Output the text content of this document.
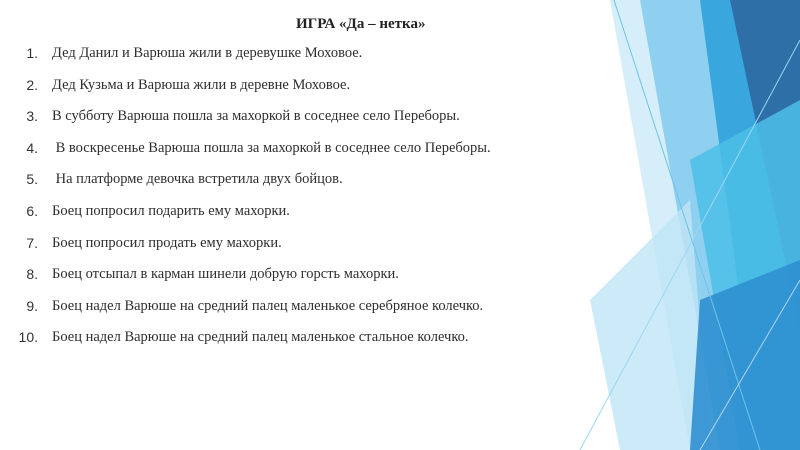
ИГРА «Да – нетка»
1. Дед Данил и Варюша жили в деревушке Моховое.
2. Дед Кузьма и Варюша жили в деревне Моховое.
3. В субботу Варюша пошла за махоркой в соседнее село Переборы.
4. В воскресенье Варюша пошла за махоркой в соседнее село Переборы.
5. На платформе девочка встретила двух бойцов.
6. Боец попросил подарить ему махорки.
7. Боец попросил продать ему махорки.
8. Боец отсыпал в карман шинели добрую горсть махорки.
9. Боец надел Варюше на средний палец маленькое серебряное колечко.
10. Боец надел Варюше на средний палец маленькое стальное колечко.
